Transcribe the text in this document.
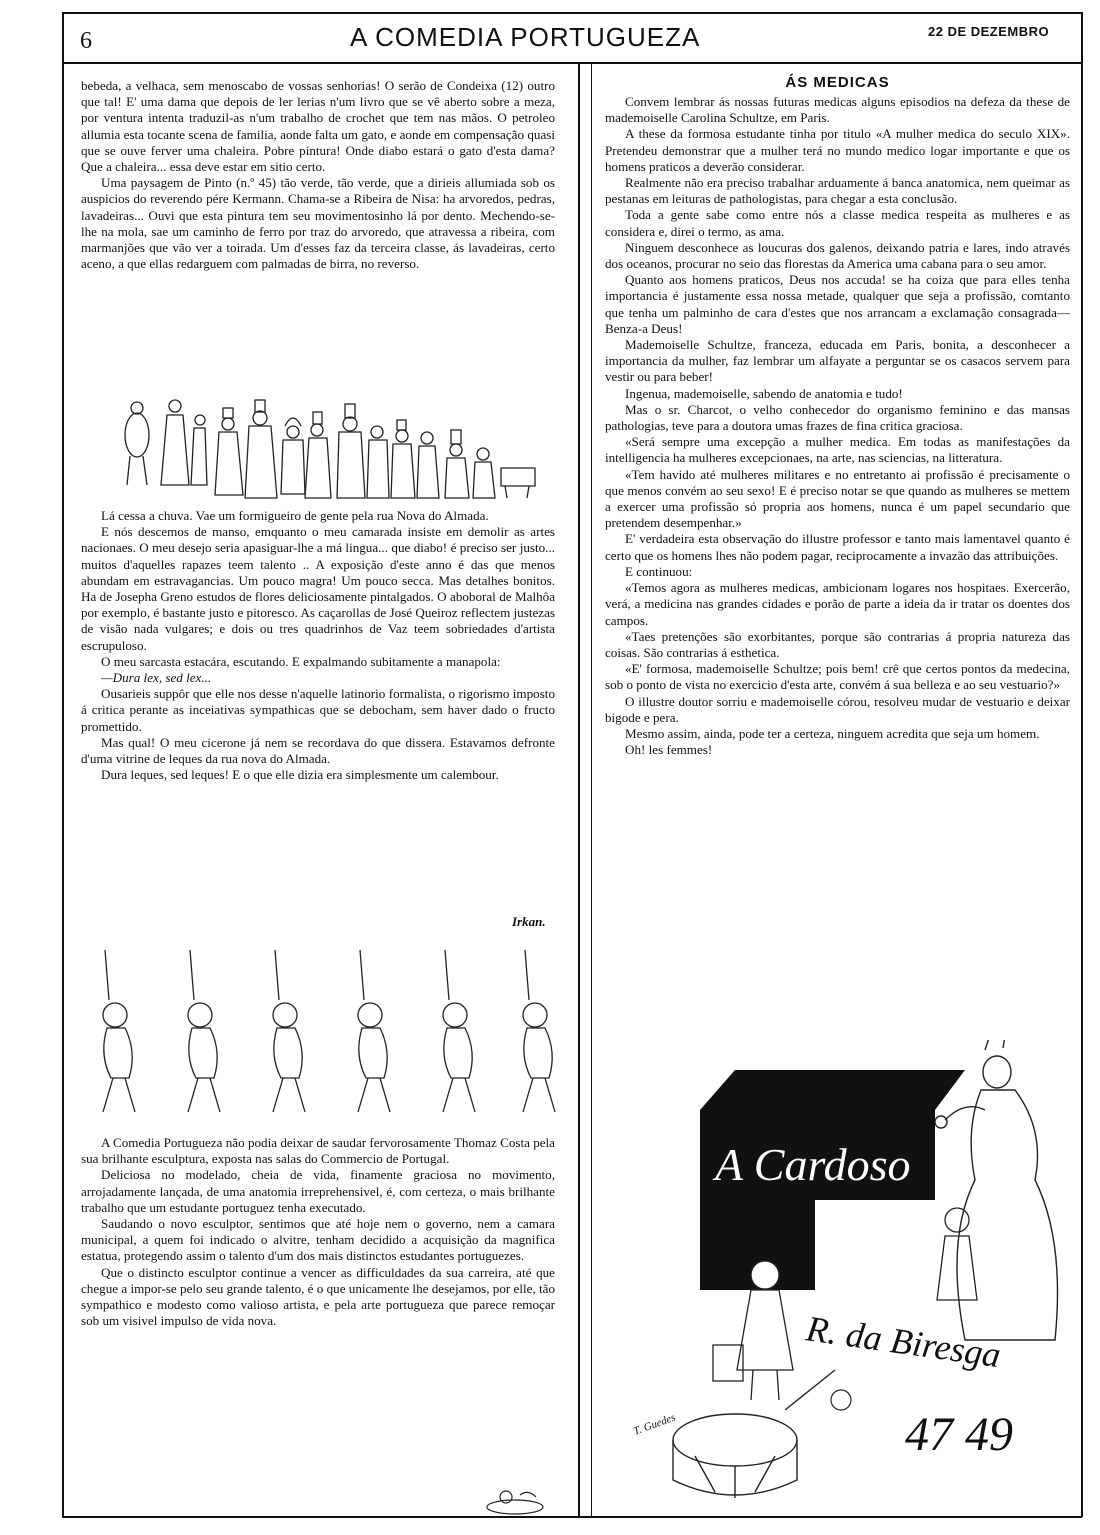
6	A COMEDIA PORTUGUEZA	22 DE DEZEMBRO

bebeda, a velhaca, sem menoscabo de vossas senhorias! O serão de Condeixa (12) outro que tal! E' uma dama que depois de ler lerias n'um livro que se vê aberto sobre a meza, por ventura intenta traduzil-as n'um trabalho de crochet que tem nas mãos. O petroleo allumia esta tocante scena de familia, aonde falta um gato, e aonde em compensação quasi que se ouve ferver uma chaleira. Pobre pintura! Onde diabo estará o gato d'esta dama? Que a chaleira... essa deve estar em sitio certo.

Uma paysagem de Pinto (n.º 45) tão verde, tão verde, que a dirieis allumiada sob os auspicios do reverendo pére Kermann. Chama-se a Ribeira de Nisa: ha arvoredos, pedras, lavadeiras... Ouvi que esta pintura tem seu movimentosinho lá por dento. Mechendo-se-lhe na mola, sae um caminho de ferro por traz do arvoredo, que atravessa a ribeira, com marmanjões que vão ver a toirada. Um d'esses faz da terceira classe, ás lavadeiras, certo aceno, a que ellas redarguem com palmadas de birra, no reverso.

Lá cessa a chuva. Vae um formigueiro de gente pela rua Nova do Almada.

E nós descemos de manso, emquanto o meu camarada insiste em demolir as artes nacionaes. O meu desejo seria apasiguar-lhe a má lingua... que diabo! é preciso ser justo... muitos d'aquelles rapazes teem talento .. A exposição d'este anno é das que menos abundam em estravagancias. Um pouco magra! Um pouco secca. Mas detalhes bonitos. Ha de Josepha Greno estudos de flores deliciosamente pintalgados. O aboboral de Malhôa por exemplo, é bastante justo e pitoresco. As caçarollas de José Queiroz reflectem justezas de visão nada vulgares; e dois ou tres quadrinhos de Vaz teem sobriedades d'artista escrupuloso.

O meu sarcasta estacára, escutando. E expalmando subitamente a manapola:

—Dura lex, sed lex...

Ousarieis suppôr que elle nos desse n'aquelle latinorio formalista, o rigorismo imposto á critica perante as inceiativas sympathicas que se debocham, sem haver dado o fructo promettido.

Mas qual! O meu cicerone já nem se recordava do que dissera. Estavamos defronte d'uma vitrine de leques da rua nova do Almada.

Dura leques, sed leques! E o que elle dizia era simplesmente um calembour.

Irkan.

A Comedia Portugueza não podia deixar de saudar fervorosamente Thomaz Costa pela sua brilhante esculptura, exposta nas salas do Commercio de Portugal.

Deliciosa no modelado, cheia de vida, finamente graciosa no movimento, arrojadamente lançada, de uma anatomia irreprehensivel, é, com certeza, o mais brilhante trabalho que um estudante portuguez tenha executado.

Saudando o novo esculptor, sentimos que até hoje nem o governo, nem a camara municipal, a quem foi indicado o alvitre, tenham decidido a acquisição da magnifica estatua, protegendo assim o talento d'um dos mais distinctos estudantes portuguezes.

Que o distincto esculptor continue a vencer as difficuldades da sua carreira, até que chegue a impor-se pelo seu grande talento, é o que unicamente lhe desejamos, por elle, tão sympathico e modesto como valioso artista, e pela arte portugueza que parece remoçar sob um visivel impulso de vida nova.

ÁS MEDICAS

Convem lembrar ás nossas futuras medicas alguns episodios na defeza da these de mademoiselle Carolina Schultze, em Paris.

A these da formosa estudante tinha por titulo «A mulher medica do seculo XIX». Pretendeu demonstrar que a mulher terá no mundo medico logar importante e que os homens praticos a deverão considerar.

Realmente não era preciso trabalhar arduamente á banca anatomica, nem queimar as pestanas em leituras de pathologistas, para chegar a esta conclusão.

Toda a gente sabe como entre nós a classe medica respeita as mulheres e as considera e, direi o termo, as ama.

Ninguem desconhece as loucuras dos galenos, deixando patria e lares, indo através dos oceanos, procurar no seio das florestas da America uma cabana para o seu amor.

Quanto aos homens praticos, Deus nos accuda! se ha coiza que para elles tenha importancia é justamente essa nossa metade, qualquer que seja a profissão, comtanto que tenha um palminho de cara d'estes que nos arrancam a exclamação consagrada—Benza-a Deus!

Mademoiselle Schultze, franceza, educada em Paris, bonita, a desconhecer a importancia da mulher, faz lembrar um alfayate a perguntar se os casacos servem para vestir ou para beber!

Ingenua, mademoiselle, sabendo de anatomia e tudo!

Mas o sr. Charcot, o velho conhecedor do organismo feminino e das mansas pathologias, teve para a doutora umas frazes de fina critica graciosa.

«Será sempre uma excepção a mulher medica. Em todas as manifestações da intelligencia ha mulheres excepcionaes, na arte, nas sciencias, na litteratura.

«Tem havido até mulheres militares e no entretanto ai profissão é precisamente o que menos convém ao seu sexo! E é preciso notar se que quando as mulheres se mettem a exercer uma profissão só propria aos homens, nunca é um papel secundario que pretendem desempenhar.»

E' verdadeira esta observação do illustre professor e tanto mais lamentavel quanto é certo que os homens lhes não podem pagar, reciprocamente a invazão das attribuições.

E continuou:

«Temos agora as mulheres medicas, ambicionam logares nos hospitaes. Exercerão, verá, a medicina nas grandes cidades e porão de parte a ideia da ir tratar os doentes dos campos.

«Taes pretenções são exorbitantes, porque são contrarias á propria natureza das coisas. São contrarias á esthetica.

«E' formosa, mademoiselle Schultze; pois bem! crê que certos pontos da medecina, sob o ponto de vista no exercicio d'esta arte, convém á sua belleza e ao seu vestuario?»

O illustre doutor sorriu e mademoiselle córou, resolveu mudar de vestuario e deixar bigode e pera.

Mesmo assim, ainda, pode ter a certeza, ninguem acredita que seja um homem.

Oh! les femmes!

A Cardoso
R. da Biresga
47 49
T. Guedes
